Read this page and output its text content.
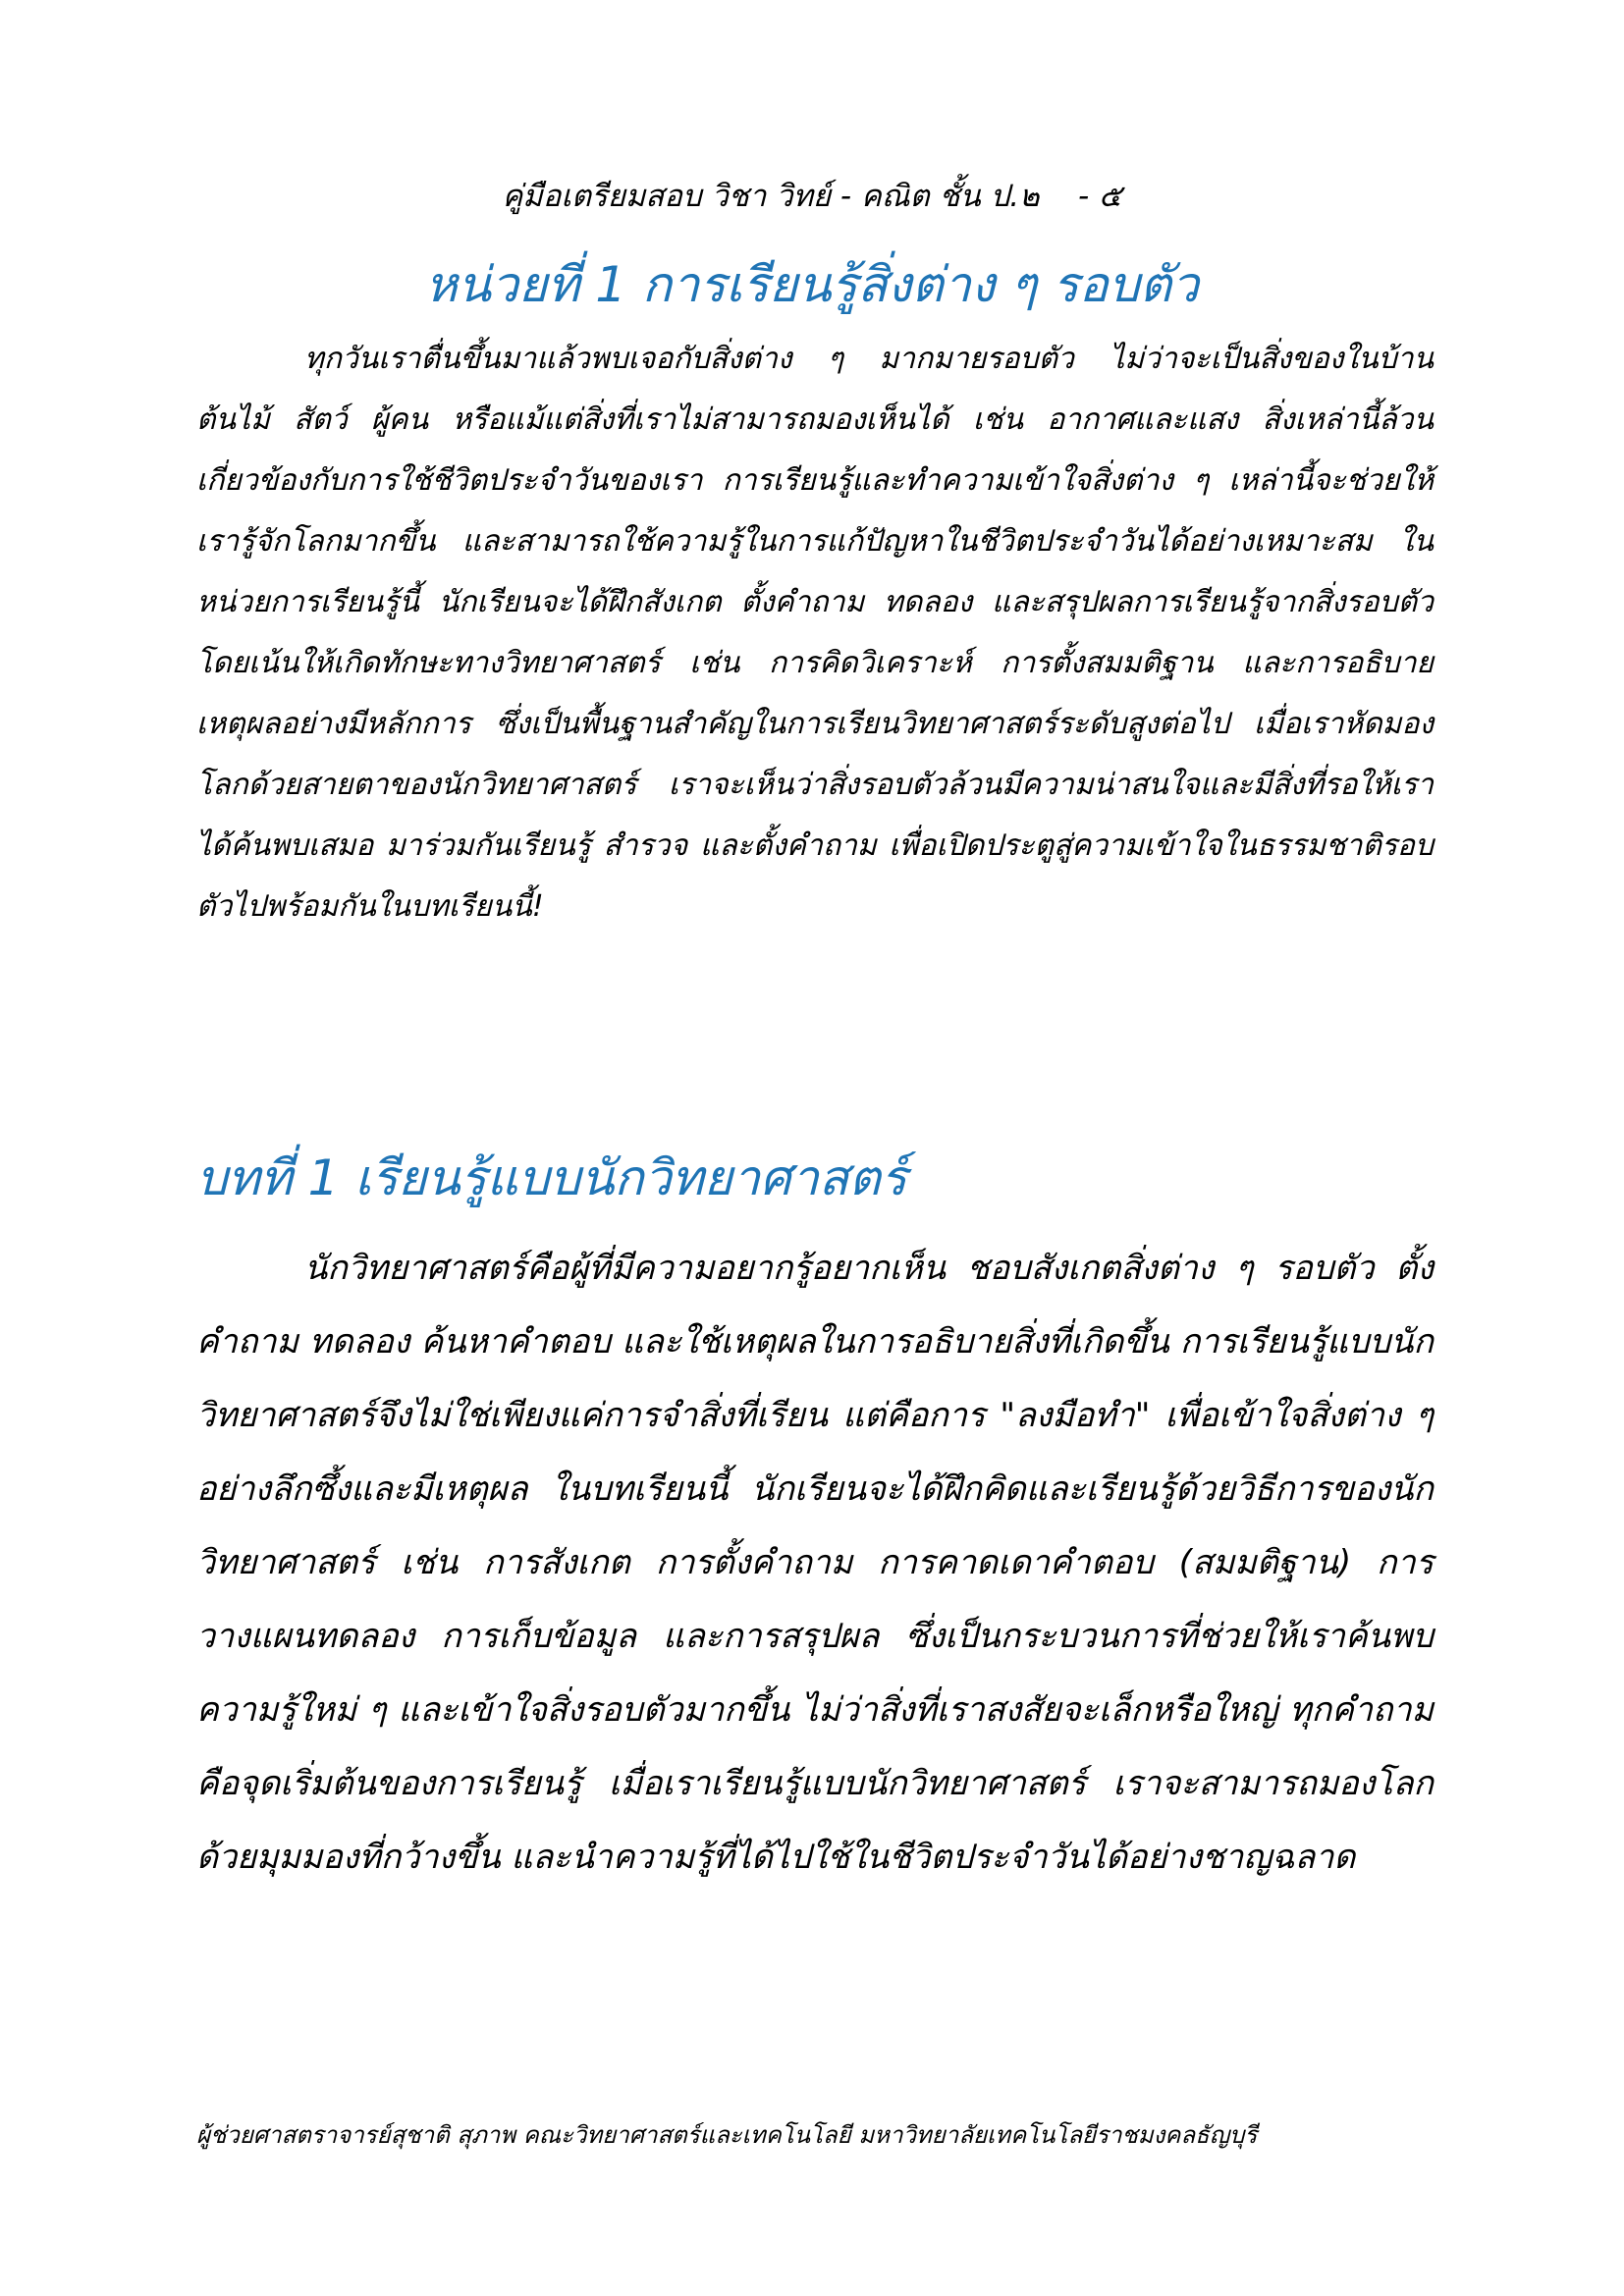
คู่มือเตรียมสอบ วิชา วิทย์ - คณิต ชั้น ป.๒ - ๕
หน่วยที่ 1 การเรียนรู้สิ่งต่าง ๆ รอบตัว

ทุกวันเราตื่นขึ้นมาแล้วพบเจอกับสิ่งต่าง ๆ มากมายรอบตัว ไม่ว่าจะเป็นสิ่งของในบ้าน ต้นไม้ สัตว์ ผู้คน หรือแม้แต่สิ่งที่เราไม่สามารถมองเห็นได้ เช่น อากาศและแสง สิ่งเหล่านี้ล้วนเกี่ยวข้องกับการใช้ชีวิตประจำวันของเรา การเรียนรู้และทำความเข้าใจสิ่งต่าง ๆ เหล่านี้จะช่วยให้เรารู้จักโลกมากขึ้น และสามารถใช้ความรู้ในการแก้ปัญหาในชีวิตประจำวันได้อย่างเหมาะสม ในหน่วยการเรียนรู้นี้ นักเรียนจะได้ฝึกสังเกต ตั้งคำถาม ทดลอง และสรุปผลการเรียนรู้จากสิ่งรอบตัว โดยเน้นให้เกิดทักษะทางวิทยาศาสตร์ เช่น การคิดวิเคราะห์ การตั้งสมมติฐาน และการอธิบายเหตุผลอย่างมีหลักการ ซึ่งเป็นพื้นฐานสำคัญในการเรียนวิทยาศาสตร์ระดับสูงต่อไป เมื่อเราหัดมองโลกด้วยสายตาของนักวิทยาศาสตร์ เราจะเห็นว่าสิ่งรอบตัวล้วนมีความน่าสนใจและมีสิ่งที่รอให้เราได้ค้นพบเสมอ มาร่วมกันเรียนรู้ สำรวจ และตั้งคำถาม เพื่อเปิดประตูสู่ความเข้าใจในธรรมชาติรอบตัวไปพร้อมกันในบทเรียนนี้!

บทที่ 1 เรียนรู้แบบนักวิทยาศาสตร์

นักวิทยาศาสตร์คือผู้ที่มีความอยากรู้อยากเห็น ชอบสังเกตสิ่งต่าง ๆ รอบตัว ตั้งคำถาม ทดลอง ค้นหาคำตอบ และใช้เหตุผลในการอธิบายสิ่งที่เกิดขึ้น การเรียนรู้แบบนักวิทยาศาสตร์จึงไม่ใช่เพียงแค่การจำสิ่งที่เรียน แต่คือการ "ลงมือทำ" เพื่อเข้าใจสิ่งต่าง ๆ อย่างลึกซึ้งและมีเหตุผล ในบทเรียนนี้ นักเรียนจะได้ฝึกคิดและเรียนรู้ด้วยวิธีการของนักวิทยาศาสตร์ เช่น การสังเกต การตั้งคำถาม การคาดเดาคำตอบ (สมมติฐาน) การวางแผนทดลอง การเก็บข้อมูล และการสรุปผล ซึ่งเป็นกระบวนการที่ช่วยให้เราค้นพบความรู้ใหม่ ๆ และเข้าใจสิ่งรอบตัวมากขึ้น ไม่ว่าสิ่งที่เราสงสัยจะเล็กหรือใหญ่ ทุกคำถามคือจุดเริ่มต้นของการเรียนรู้ เมื่อเราเรียนรู้แบบนักวิทยาศาสตร์ เราจะสามารถมองโลกด้วยมุมมองที่กว้างขึ้น และนำความรู้ที่ได้ไปใช้ในชีวิตประจำวันได้อย่างชาญฉลาด

ผู้ช่วยศาสตราจารย์สุชาติ สุภาพ คณะวิทยาศาสตร์และเทคโนโลยี มหาวิทยาลัยเทคโนโลยีราชมงคลธัญบุรี
